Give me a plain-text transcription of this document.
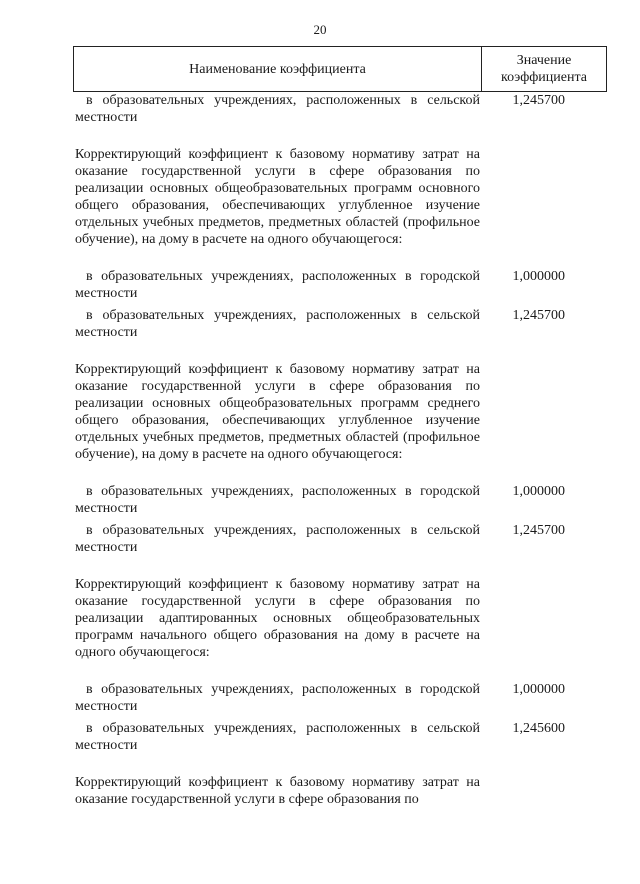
20
Наименование коэффициента
Значение
коэффициента
в образовательных учреждениях, расположенных в сельской местности
1,245700
Корректирующий коэффициент к базовому нормативу затрат на оказание государственной услуги в сфере образования по реализации основных общеобразовательных программ основного общего образования, обеспечивающих углубленное изучение отдельных учебных предметов, предметных областей (профильное обучение), на дому в расчете на одного обучающегося:
в образовательных учреждениях, расположенных в городской местности
1,000000
в образовательных учреждениях, расположенных в сельской местности
1,245700
Корректирующий коэффициент к базовому нормативу затрат на оказание государственной услуги в сфере образования по реализации основных общеобразовательных программ среднего общего образования, обеспечивающих углубленное изучение отдельных учебных предметов, предметных областей (профильное обучение), на дому в расчете на одного обучающегося:
в образовательных учреждениях, расположенных в городской местности
1,000000
в образовательных учреждениях, расположенных в сельской местности
1,245700
Корректирующий коэффициент к базовому нормативу затрат на оказание государственной услуги в сфере образования по реализации адаптированных основных общеобразовательных программ начального общего образования на дому в расчете на одного обучающегося:
в образовательных учреждениях, расположенных в городской местности
1,000000
в образовательных учреждениях, расположенных в сельской местности
1,245600
Корректирующий коэффициент к базовому нормативу затрат на оказание государственной услуги в сфере образования по
